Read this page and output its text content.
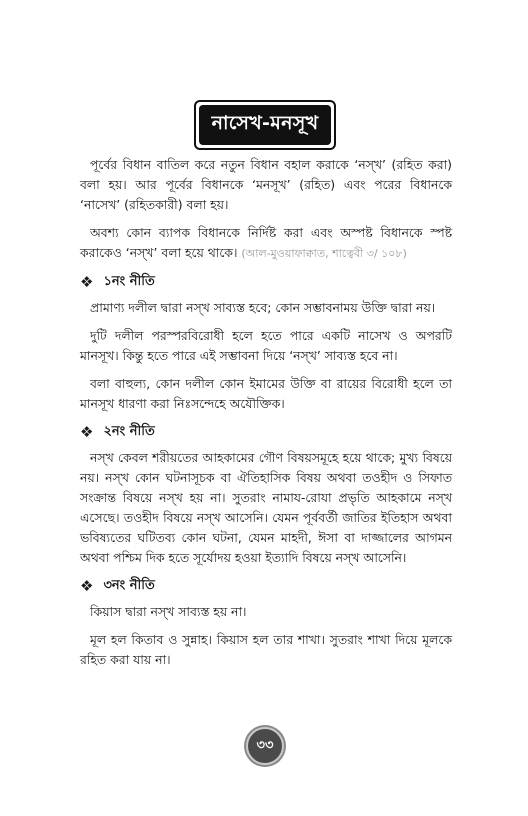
নাসেখ-মনসূখ

পূর্বের বিধান বাতিল করে নতুন বিধান বহাল করাকে ‘নস্‌খ’ (রহিত করা) বলা হয়। আর পূর্বের বিধানকে ‘মনসূখ’ (রহিত) এবং পরের বিধানকে ‘নাসেখ’ (রহিতকারী) বলা হয়।

অবশ্য কোন ব্যাপক বিধানকে নির্দিষ্ট করা এবং অস্পষ্ট বিধানকে স্পষ্ট করাকেও ‘নস্‌খ’ বলা হয়ে থাকে। (আল-মুওয়াফাক্বাত, শাত্বেবী ৩/ ১০৮)

❖ ১নং নীতি

প্রামাণ্য দলীল দ্বারা নস্‌খ সাব্যস্ত হবে; কোন সম্ভাবনাময় উক্তি দ্বারা নয়।

দুটি দলীল পরস্পরবিরোধী হলে হতে পারে একটি নাসেখ ও অপরটি মানসূখ। কিন্তু হতে পারে এই সম্ভাবনা দিয়ে ‘নস্‌খ’ সাব্যস্ত হবে না।

বলা বাহুল্য, কোন দলীল কোন ইমামের উক্তি বা রায়ের বিরোধী হলে তা মানসূখ ধারণা করা নিঃসন্দেহে অযৌক্তিক।

❖ ২নং নীতি

নস্‌খ কেবল শরীয়তের আহকামের গৌণ বিষয়সমূহে হয়ে থাকে; মুখ্য বিষয়ে নয়। নস্‌খ কোন ঘটনাসূচক বা ঐতিহাসিক বিষয় অথবা তওহীদ ও সিফাত সংক্রান্ত বিষয়ে নস্‌খ হয় না। সুতরাং নামায-রোযা প্রভৃতি আহকামে নস্‌খ এসেছে। তওহীদ বিষয়ে নস্‌খ আসেনি। যেমন পূর্ববর্তী জাতির ইতিহাস অথবা ভবিষ্যতের ঘটিতব্য কোন ঘটনা, যেমন মাহদী, ঈসা বা দাজ্জালের আগমন অথবা পশ্চিম দিক হতে সূর্যোদয় হওয়া ইত্যাদি বিষয়ে নস্‌খ আসেনি।

❖ ৩নং নীতি

কিয়াস দ্বারা নস্‌খ সাব্যস্ত হয় না।

মূল হল কিতাব ও সুন্নাহ। কিয়াস হল তার শাখা। সুতরাং শাখা দিয়ে মূলকে রহিত করা যায় না।

৩৩
